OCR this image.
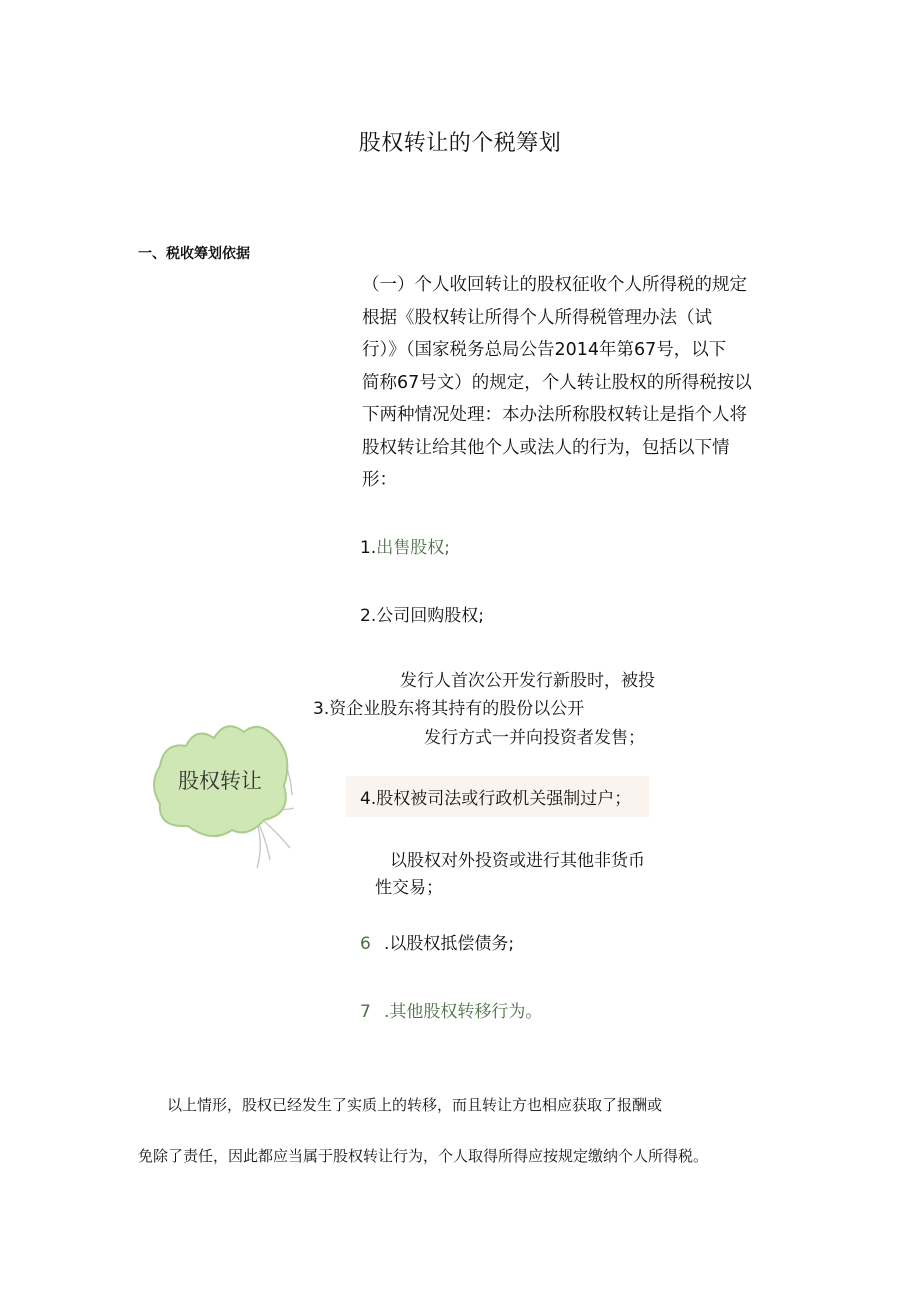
股权转让的个税筹划
一、税收筹划依据
（一）个人收回转让的股权征收个人所得税的规定
根据《股权转让所得个人所得税管理办法（试
行）》（国家税务总局公告2014年第67号，以下
简称67号文）的规定，个人转让股权的所得税按以
下两种情况处理：本办法所称股权转让是指个人将
股权转让给其他个人或法人的行为，包括以下情
形：
1.出售股权;
2.公司回购股权;
发行人首次公开发行新股时，被投
3.资企业股东将其持有的股份以公开
发行方式一并向投资者发售；
股权转让
4.股权被司法或行政机关强制过户；
以股权对外投资或进行其他非货币
性交易；
6 .以股权抵偿债务;
7 .其他股权转移行为。
以上情形，股权已经发生了实质上的转移，而且转让方也相应获取了报酬或
免除了责任，因此都应当属于股权转让行为，个人取得所得应按规定缴纳个人所得税。
